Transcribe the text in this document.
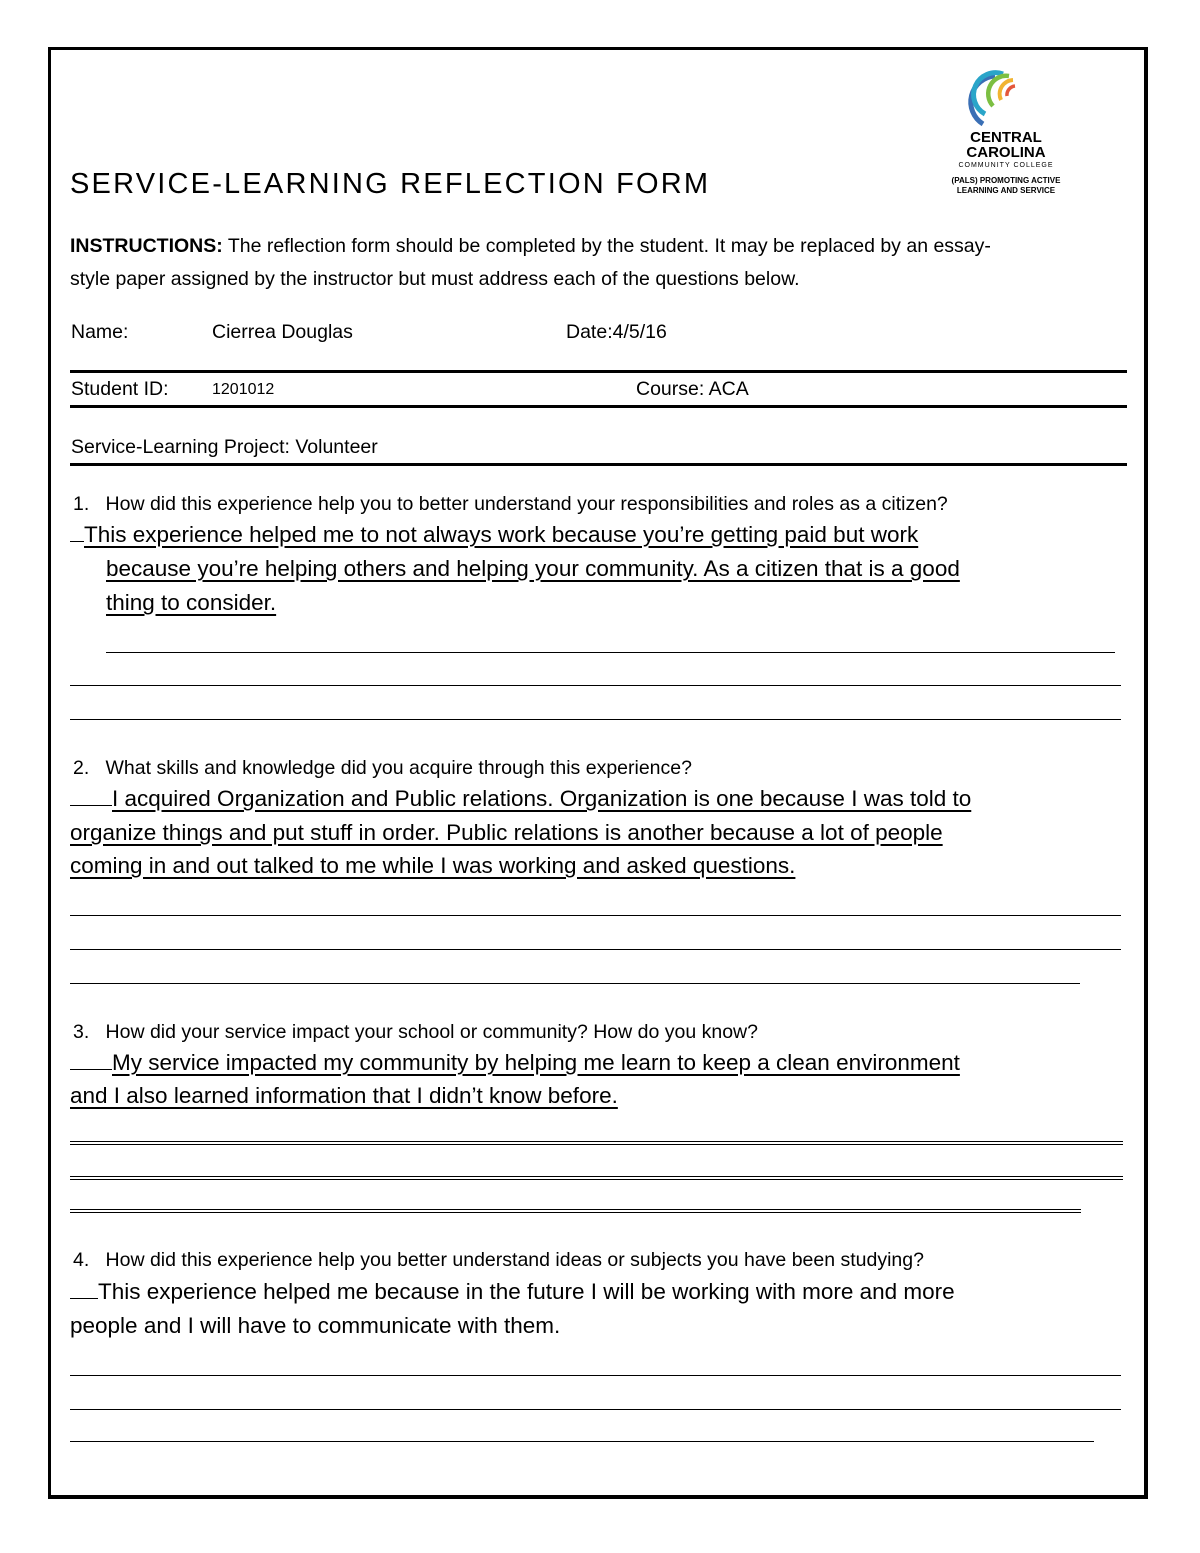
CENTRAL
CAROLINA
COMMUNITY COLLEGE
(PALS) PROMOTING ACTIVE
LEARNING AND SERVICE
SERVICE-LEARNING REFLECTION FORM
INSTRUCTIONS: The reflection form should be completed by the student. It may be replaced by an essay-
style paper assigned by the instructor but must address each of the questions below.
Name:	Cierrea Douglas	Date:4/5/16
Student ID:	1201012	Course: ACA
Service-Learning Project: Volunteer
1. How did this experience help you to better understand your responsibilities and roles as a citizen?
This experience helped me to not always work because you’re getting paid but work
because you’re helping others and helping your community. As a citizen that is a good
thing to consider.
2. What skills and knowledge did you acquire through this experience?
I acquired Organization and Public relations. Organization is one because I was told to
organize things and put stuff in order. Public relations is another because a lot of people
coming in and out talked to me while I was working and asked questions.
3. How did your service impact your school or community? How do you know?
My service impacted my community by helping me learn to keep a clean environment
and I also learned information that I didn’t know before.
4. How did this experience help you better understand ideas or subjects you have been studying?
This experience helped me because in the future I will be working with more and more
people and I will have to communicate with them.
